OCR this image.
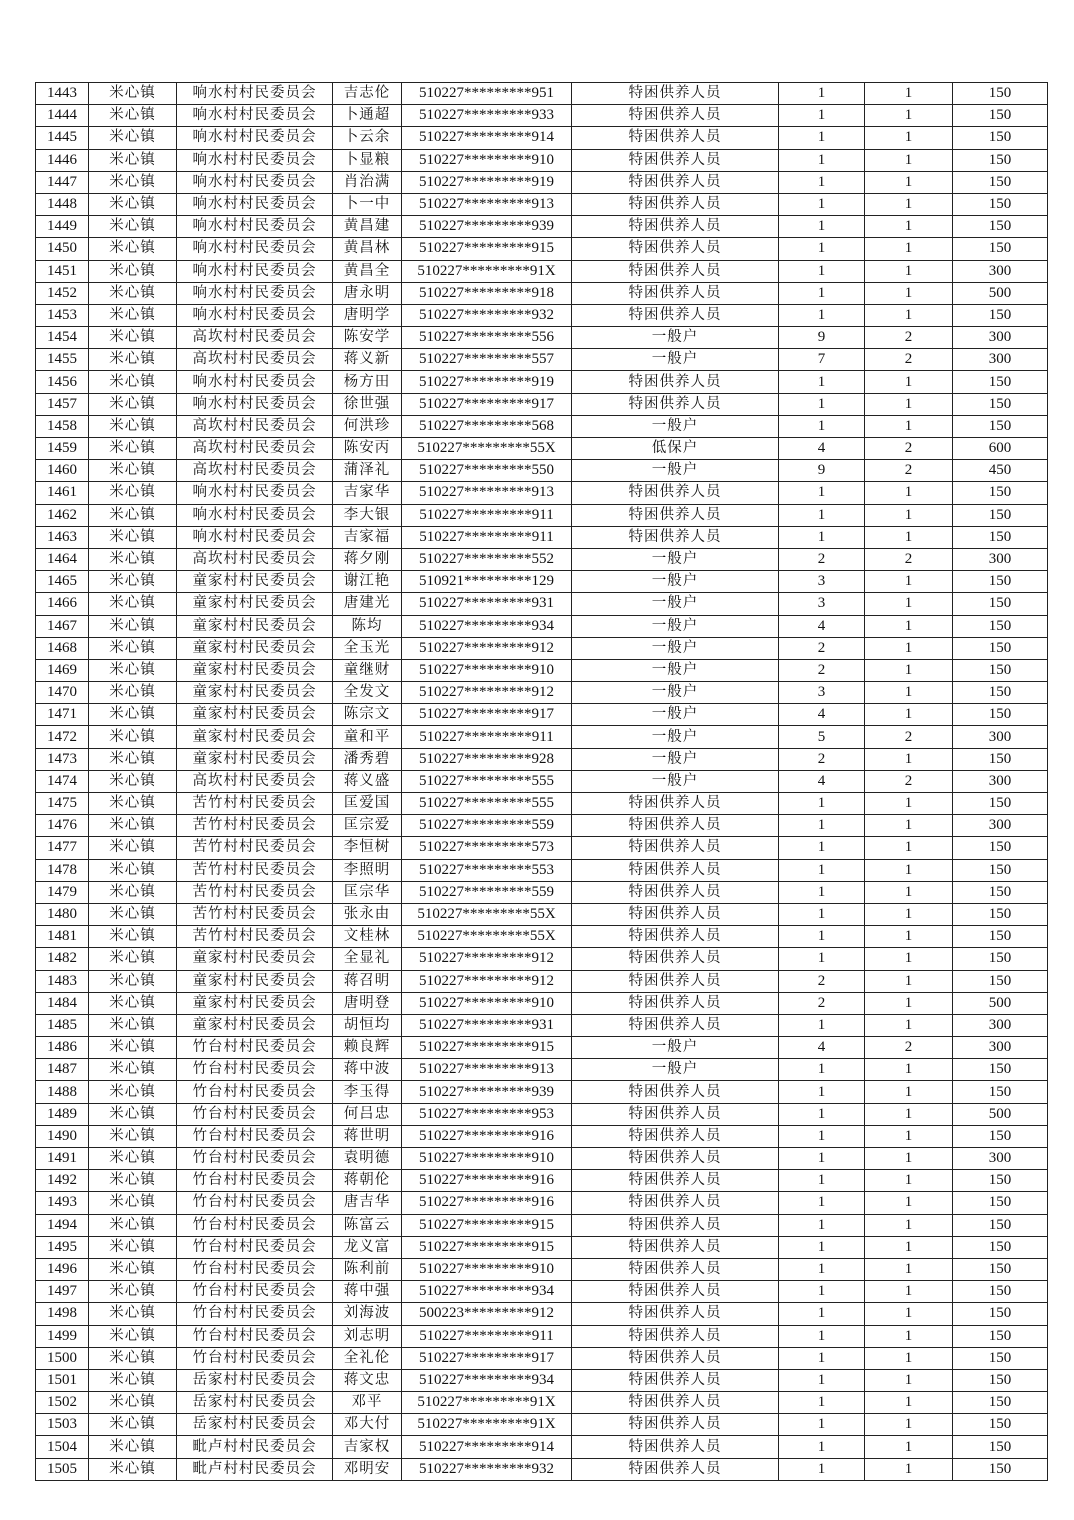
1443	米心镇	响水村村民委员会	吉志伦	510227*********951	特困供养人员	1	1	150
1444	米心镇	响水村村民委员会	卜通超	510227*********933	特困供养人员	1	1	150
1445	米心镇	响水村村民委员会	卜云余	510227*********914	特困供养人员	1	1	150
1446	米心镇	响水村村民委员会	卜显粮	510227*********910	特困供养人员	1	1	150
1447	米心镇	响水村村民委员会	肖治满	510227*********919	特困供养人员	1	1	150
1448	米心镇	响水村村民委员会	卜一中	510227*********913	特困供养人员	1	1	150
1449	米心镇	响水村村民委员会	黄昌建	510227*********939	特困供养人员	1	1	150
1450	米心镇	响水村村民委员会	黄昌林	510227*********915	特困供养人员	1	1	150
1451	米心镇	响水村村民委员会	黄昌全	510227*********91X	特困供养人员	1	1	300
1452	米心镇	响水村村民委员会	唐永明	510227*********918	特困供养人员	1	1	500
1453	米心镇	响水村村民委员会	唐明学	510227*********932	特困供养人员	1	1	150
1454	米心镇	高坎村村民委员会	陈安学	510227*********556	一般户	9	2	300
1455	米心镇	高坎村村民委员会	蒋义新	510227*********557	一般户	7	2	300
1456	米心镇	响水村村民委员会	杨方田	510227*********919	特困供养人员	1	1	150
1457	米心镇	响水村村民委员会	徐世强	510227*********917	特困供养人员	1	1	150
1458	米心镇	高坎村村民委员会	何洪珍	510227*********568	一般户	1	1	150
1459	米心镇	高坎村村民委员会	陈安丙	510227*********55X	低保户	4	2	600
1460	米心镇	高坎村村民委员会	蒲泽礼	510227*********550	一般户	9	2	450
1461	米心镇	响水村村民委员会	吉家华	510227*********913	特困供养人员	1	1	150
1462	米心镇	响水村村民委员会	李大银	510227*********911	特困供养人员	1	1	150
1463	米心镇	响水村村民委员会	吉家福	510227*********911	特困供养人员	1	1	150
1464	米心镇	高坎村村民委员会	蒋夕刚	510227*********552	一般户	2	2	300
1465	米心镇	童家村村民委员会	谢江艳	510921*********129	一般户	3	1	150
1466	米心镇	童家村村民委员会	唐建光	510227*********931	一般户	3	1	150
1467	米心镇	童家村村民委员会	陈均	510227*********934	一般户	4	1	150
1468	米心镇	童家村村民委员会	全玉光	510227*********912	一般户	2	1	150
1469	米心镇	童家村村民委员会	童继财	510227*********910	一般户	2	1	150
1470	米心镇	童家村村民委员会	全发文	510227*********912	一般户	3	1	150
1471	米心镇	童家村村民委员会	陈宗文	510227*********917	一般户	4	1	150
1472	米心镇	童家村村民委员会	童和平	510227*********911	一般户	5	2	300
1473	米心镇	童家村村民委员会	潘秀碧	510227*********928	一般户	2	1	150
1474	米心镇	高坎村村民委员会	蒋义盛	510227*********555	一般户	4	2	300
1475	米心镇	苦竹村村民委员会	匡爱国	510227*********555	特困供养人员	1	1	150
1476	米心镇	苦竹村村民委员会	匡宗爱	510227*********559	特困供养人员	1	1	300
1477	米心镇	苦竹村村民委员会	李恒树	510227*********573	特困供养人员	1	1	150
1478	米心镇	苦竹村村民委员会	李照明	510227*********553	特困供养人员	1	1	150
1479	米心镇	苦竹村村民委员会	匡宗华	510227*********559	特困供养人员	1	1	150
1480	米心镇	苦竹村村民委员会	张永由	510227*********55X	特困供养人员	1	1	150
1481	米心镇	苦竹村村民委员会	文桂林	510227*********55X	特困供养人员	1	1	150
1482	米心镇	童家村村民委员会	全显礼	510227*********912	特困供养人员	1	1	150
1483	米心镇	童家村村民委员会	蒋召明	510227*********912	特困供养人员	2	1	150
1484	米心镇	童家村村民委员会	唐明登	510227*********910	特困供养人员	2	1	500
1485	米心镇	童家村村民委员会	胡恒均	510227*********931	特困供养人员	1	1	300
1486	米心镇	竹台村村民委员会	赖良辉	510227*********915	一般户	4	2	300
1487	米心镇	竹台村村民委员会	蒋中波	510227*********913	一般户	1	1	150
1488	米心镇	竹台村村民委员会	李玉得	510227*********939	特困供养人员	1	1	150
1489	米心镇	竹台村村民委员会	何吕忠	510227*********953	特困供养人员	1	1	500
1490	米心镇	竹台村村民委员会	蒋世明	510227*********916	特困供养人员	1	1	150
1491	米心镇	竹台村村民委员会	袁明德	510227*********910	特困供养人员	1	1	300
1492	米心镇	竹台村村民委员会	蒋朝伦	510227*********916	特困供养人员	1	1	150
1493	米心镇	竹台村村民委员会	唐吉华	510227*********916	特困供养人员	1	1	150
1494	米心镇	竹台村村民委员会	陈富云	510227*********915	特困供养人员	1	1	150
1495	米心镇	竹台村村民委员会	龙义富	510227*********915	特困供养人员	1	1	150
1496	米心镇	竹台村村民委员会	陈利前	510227*********910	特困供养人员	1	1	150
1497	米心镇	竹台村村民委员会	蒋中强	510227*********934	特困供养人员	1	1	150
1498	米心镇	竹台村村民委员会	刘海波	500223*********912	特困供养人员	1	1	150
1499	米心镇	竹台村村民委员会	刘志明	510227*********911	特困供养人员	1	1	150
1500	米心镇	竹台村村民委员会	全礼伦	510227*********917	特困供养人员	1	1	150
1501	米心镇	岳家村村民委员会	蒋文忠	510227*********934	特困供养人员	1	1	150
1502	米心镇	岳家村村民委员会	邓平	510227*********91X	特困供养人员	1	1	150
1503	米心镇	岳家村村民委员会	邓大付	510227*********91X	特困供养人员	1	1	150
1504	米心镇	毗卢村村民委员会	吉家权	510227*********914	特困供养人员	1	1	150
1505	米心镇	毗卢村村民委员会	邓明安	510227*********932	特困供养人员	1	1	150
